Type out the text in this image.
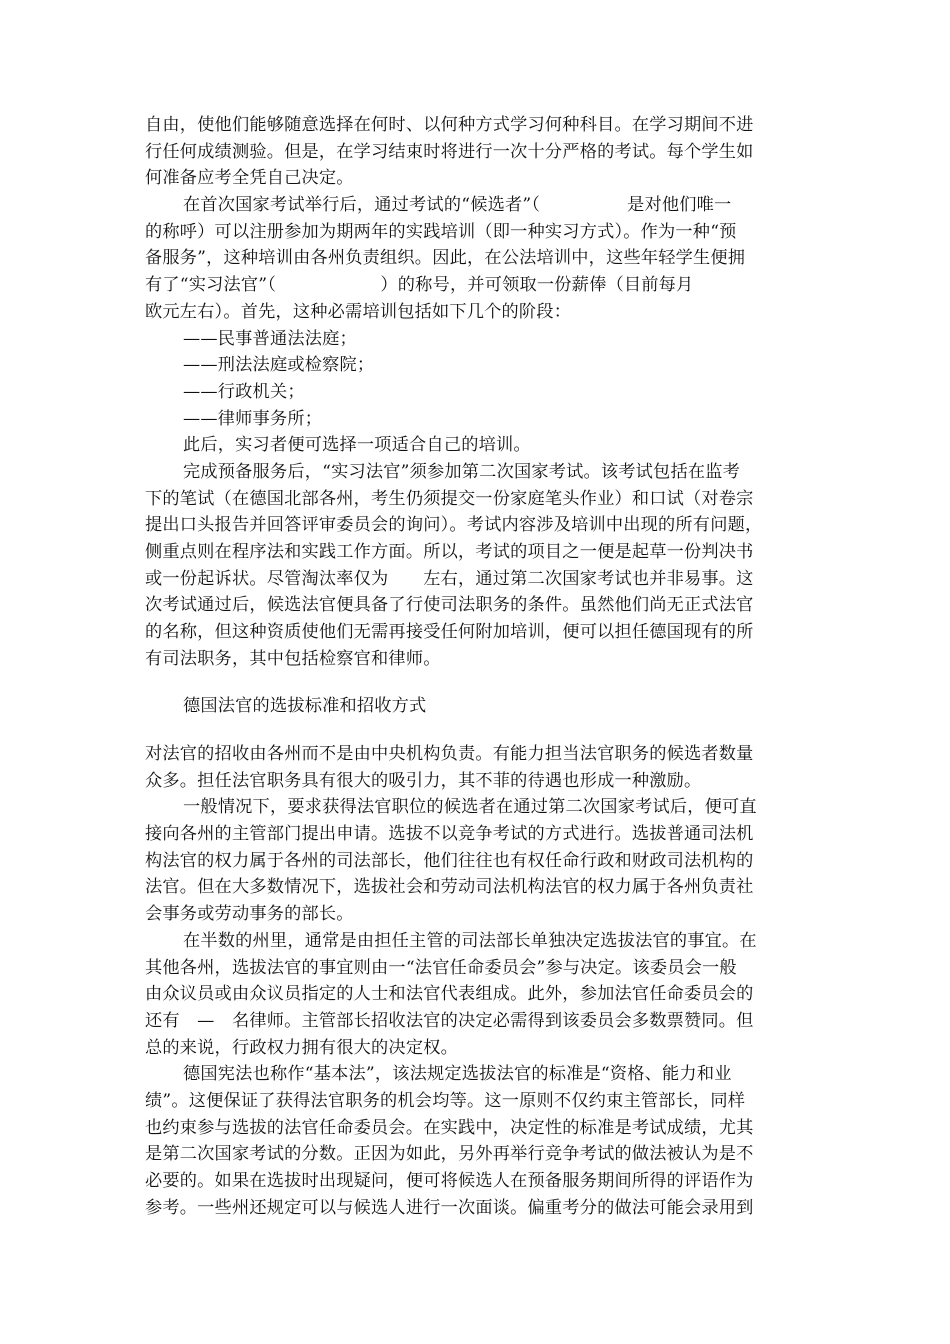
自由，使他们能够随意选择在何时、以何种方式学习何种科目。在学习期间不进
行任何成绩测验。但是，在学习结束时将进行一次十分严格的考试。每个学生如
何准备应考全凭自己决定。
在首次国家考试举行后，通过考试的“候选者”（　　　　　是对他们唯一
的称呼）可以注册参加为期两年的实践培训（即一种实习方式）。作为一种“预
备服务”，这种培训由各州负责组织。因此，在公法培训中，这些年轻学生便拥
有了“实习法官”（　　　　　　）的称号，并可领取一份薪俸（目前每月
欧元左右）。首先，这种必需培训包括如下几个的阶段：
——民事普通法法庭；
——刑法法庭或检察院；
——行政机关；
——律师事务所；
此后，实习者便可选择一项适合自己的培训。
完成预备服务后，“实习法官”须参加第二次国家考试。该考试包括在监考
下的笔试（在德国北部各州，考生仍须提交一份家庭笔头作业）和口试（对卷宗
提出口头报告并回答评审委员会的询问）。考试内容涉及培训中出现的所有问题，
侧重点则在程序法和实践工作方面。所以，考试的项目之一便是起草一份判决书
或一份起诉状。尽管淘汰率仅为　　左右，通过第二次国家考试也并非易事。这
次考试通过后，候选法官便具备了行使司法职务的条件。虽然他们尚无正式法官
的名称，但这种资质使他们无需再接受任何附加培训，便可以担任德国现有的所
有司法职务，其中包括检察官和律师。
德国法官的选拔标准和招收方式
对法官的招收由各州而不是由中央机构负责。有能力担当法官职务的候选者数量
众多。担任法官职务具有很大的吸引力，其不菲的待遇也形成一种激励。
一般情况下，要求获得法官职位的候选者在通过第二次国家考试后，便可直
接向各州的主管部门提出申请。选拔不以竞争考试的方式进行。选拔普通司法机
构法官的权力属于各州的司法部长，他们往往也有权任命行政和财政司法机构的
法官。但在大多数情况下，选拔社会和劳动司法机构法官的权力属于各州负责社
会事务或劳动事务的部长。
在半数的州里，通常是由担任主管的司法部长单独决定选拔法官的事宜。在
其他各州，选拔法官的事宜则由一“法官任命委员会”参与决定。该委员会一般
由众议员或由众议员指定的人士和法官代表组成。此外，参加法官任命委员会的
还有　—　名律师。主管部长招收法官的决定必需得到该委员会多数票赞同。但
总的来说，行政权力拥有很大的决定权。
德国宪法也称作“基本法”，该法规定选拔法官的标准是“资格、能力和业
绩”。这便保证了获得法官职务的机会均等。这一原则不仅约束主管部长，同样
也约束参与选拔的法官任命委员会。在实践中，决定性的标准是考试成绩，尤其
是第二次国家考试的分数。正因为如此，另外再举行竞争考试的做法被认为是不
必要的。如果在选拔时出现疑问，便可将候选人在预备服务期间所得的评语作为
参考。一些州还规定可以与候选人进行一次面谈。偏重考分的做法可能会录用到
